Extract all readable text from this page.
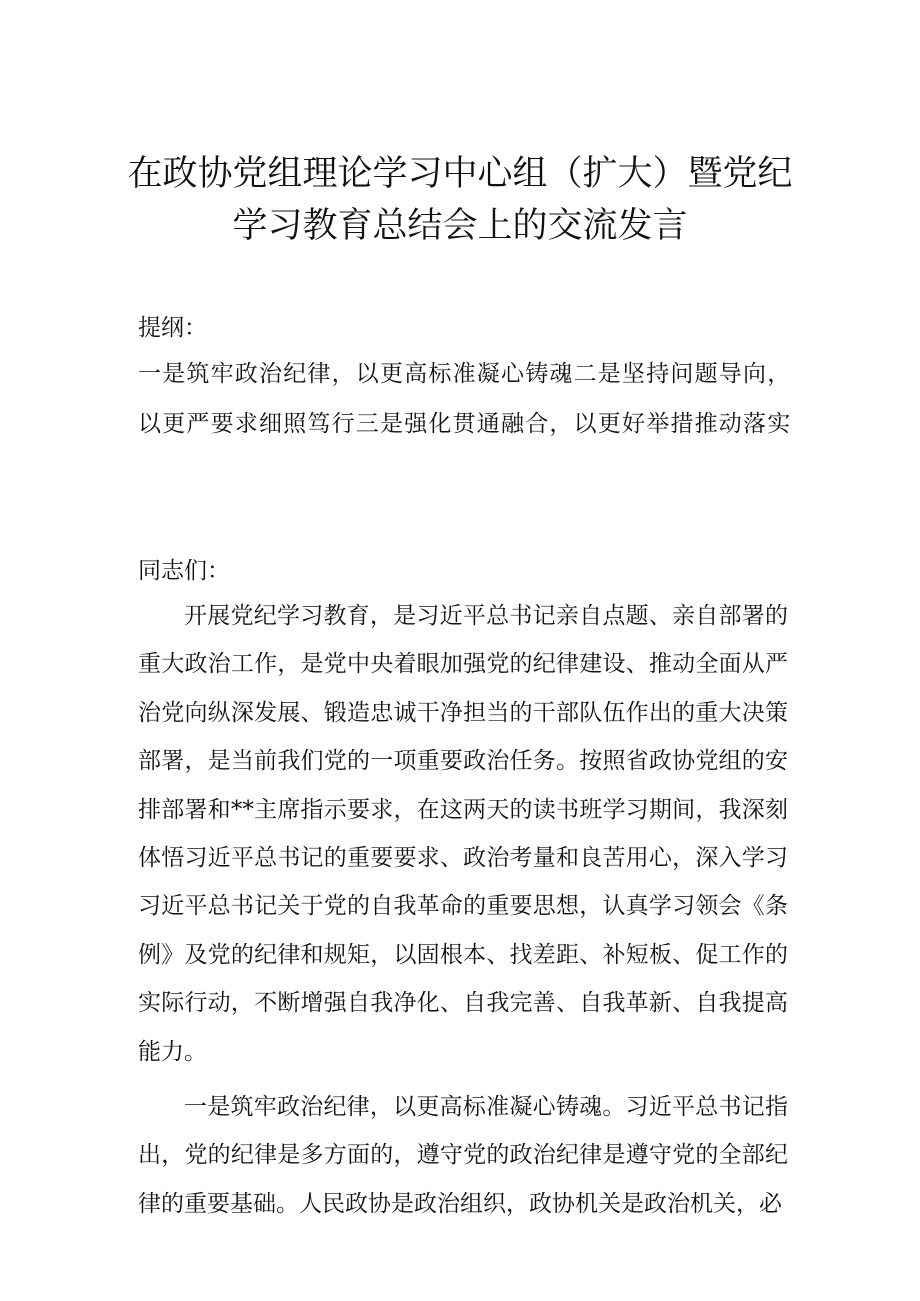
在政协党组理论学习中心组（扩大）暨党纪
学习教育总结会上的交流发言
提纲：
一是筑牢政治纪律，以更高标准凝心铸魂二是坚持问题导向，
以更严要求细照笃行三是强化贯通融合，以更好举措推动落实
同志们：

开展党纪学习教育，是习近平总书记亲自点题、亲自部署的重大政治工作，是党中央着眼加强党的纪律建设、推动全面从严治党向纵深发展、锻造忠诚干净担当的干部队伍作出的重大决策部署，是当前我们党的一项重要政治任务。按照省政协党组的安排部署和**主席指示要求，在这两天的读书班学习期间，我深刻体悟习近平总书记的重要要求、政治考量和良苦用心，深入学习习近平总书记关于党的自我革命的重要思想，认真学习领会《条例》及党的纪律和规矩，以固根本、找差距、补短板、促工作的实际行动，不断增强自我净化、自我完善、自我革新、自我提高能力。

一是筑牢政治纪律，以更高标准凝心铸魂。习近平总书记指出，党的纪律是多方面的，遵守党的政治纪律是遵守党的全部纪律的重要基础。人民政协是政治组织，政协机关是政治机关，必
